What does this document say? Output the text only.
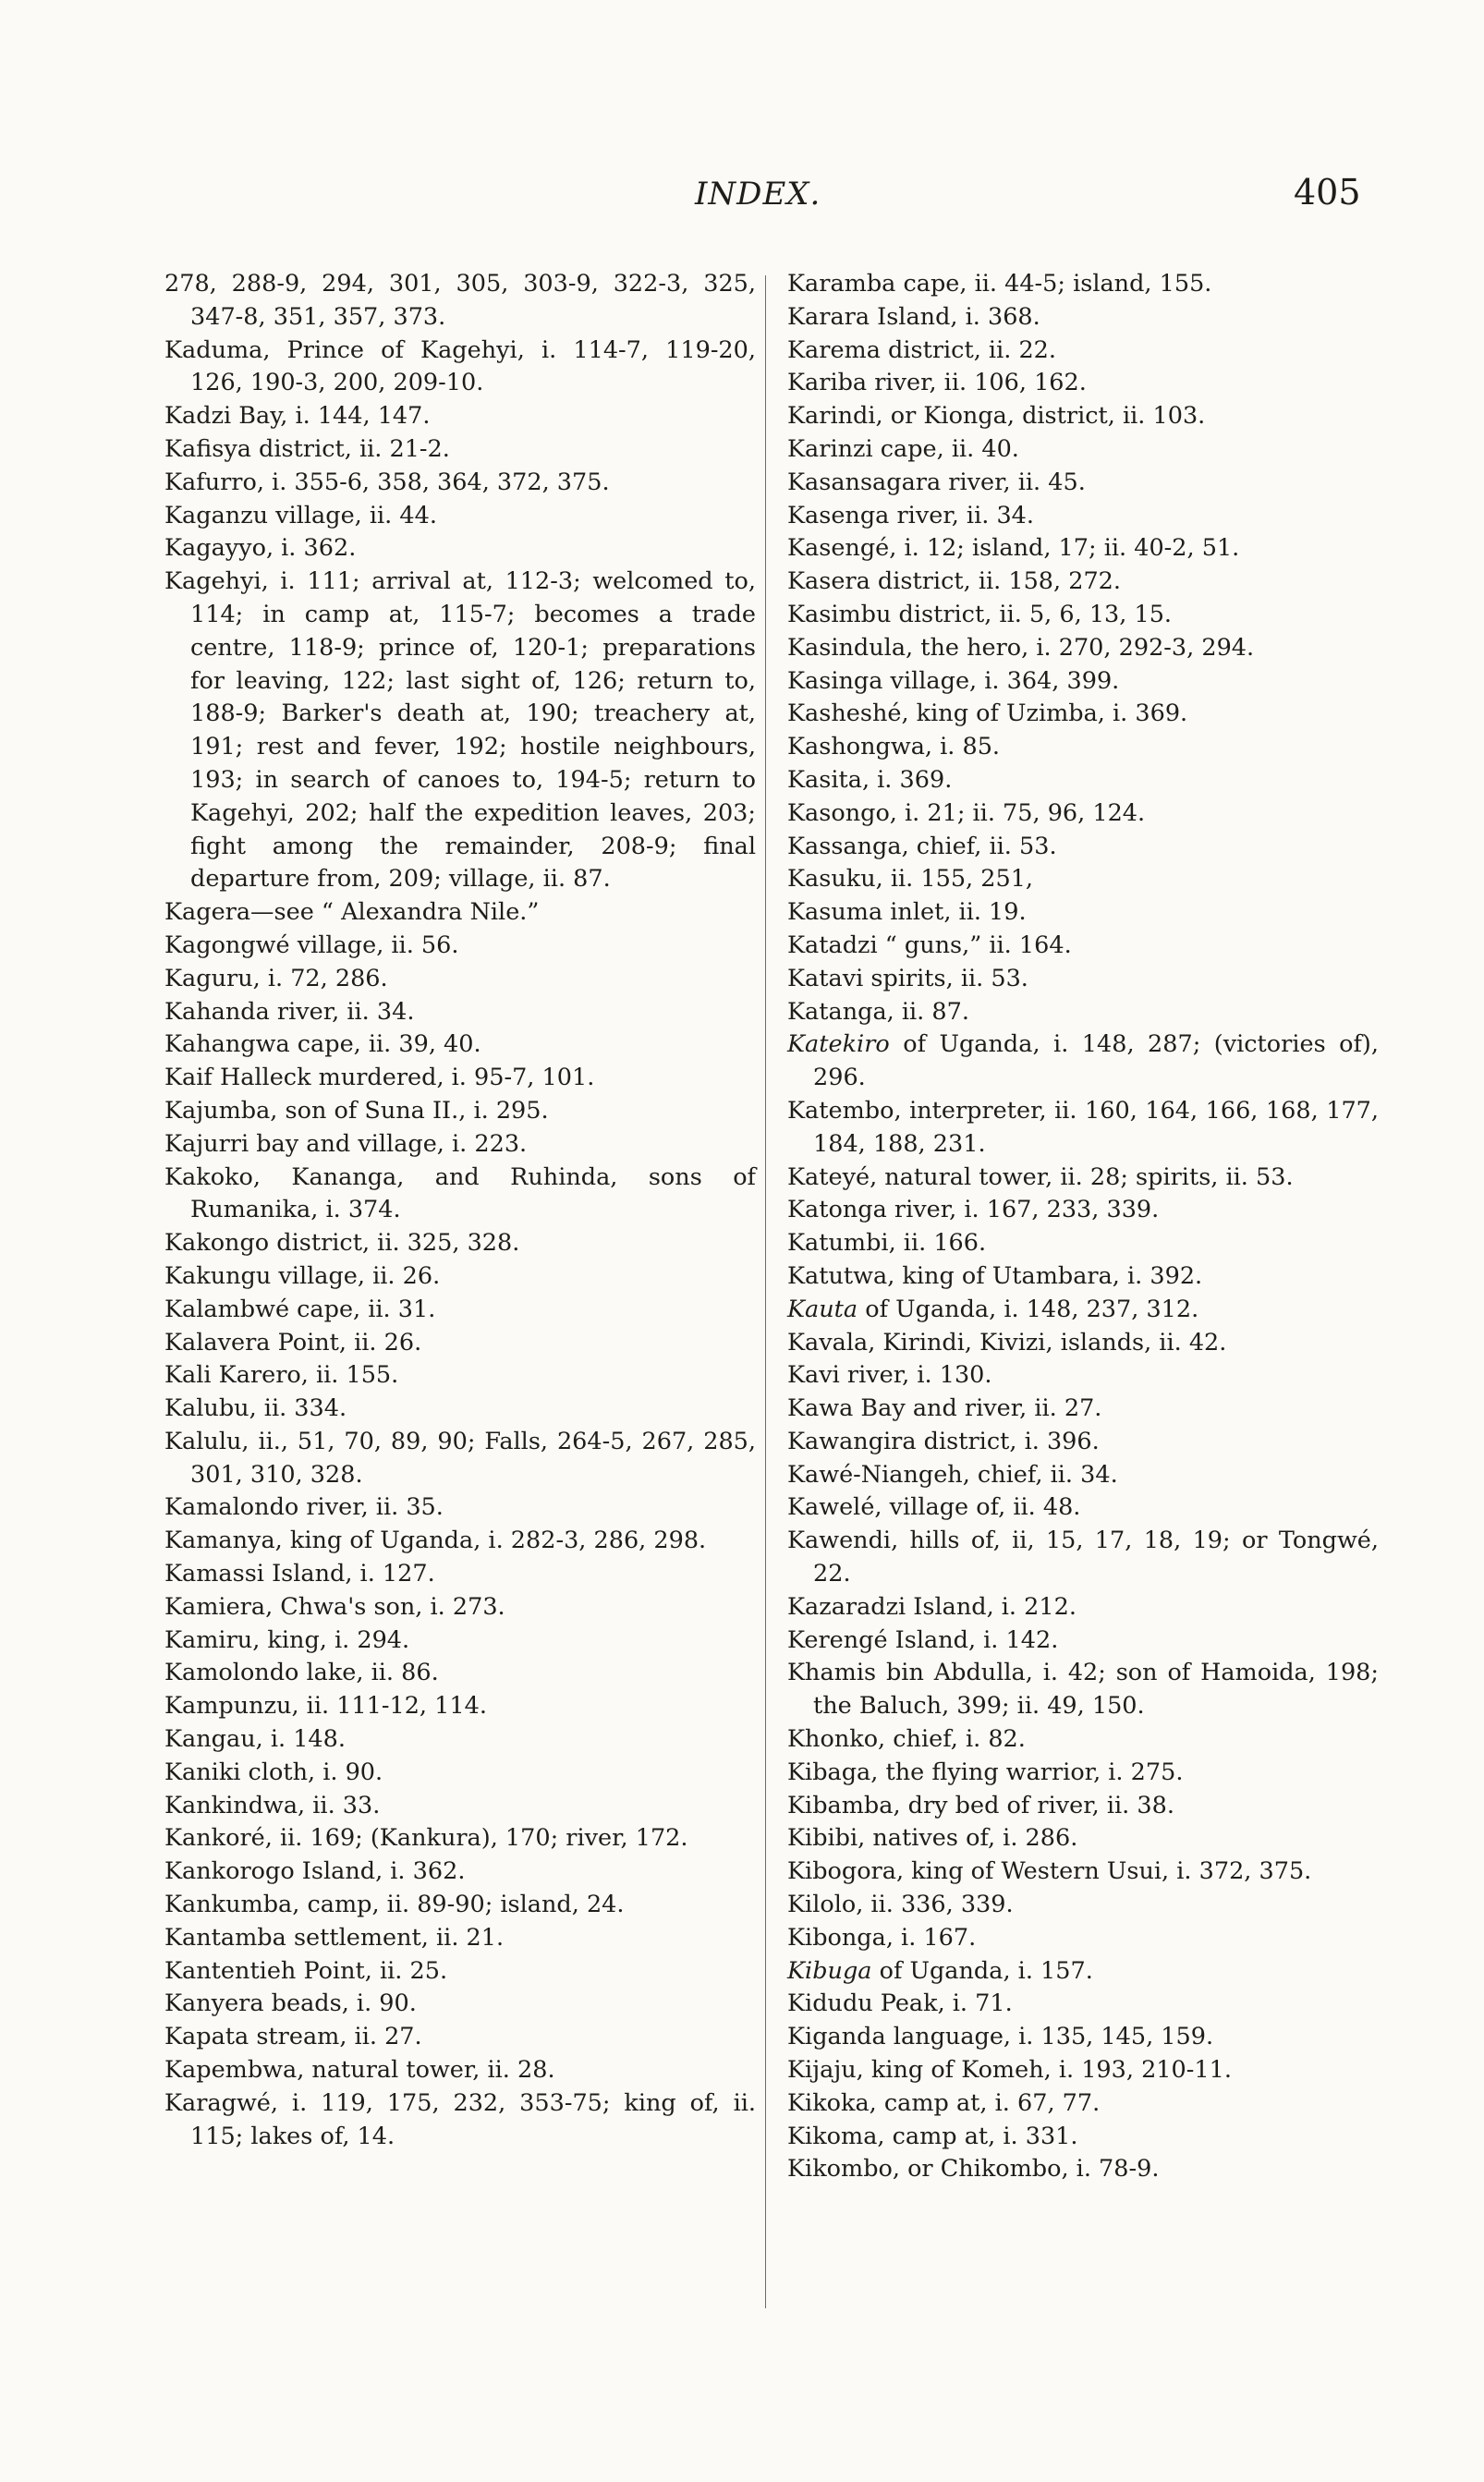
INDEX.	405
278, 288-9, 294, 301, 305, 303-9, 322-3, 325, 347-8, 351, 357, 373.
Kaduma, Prince of Kagehyi, i. 114-7, 119-20, 126, 190-3, 200, 209-10.
Kadzi Bay, i. 144, 147.
Kafisya district, ii. 21-2.
Kafurro, i. 355-6, 358, 364, 372, 375.
Kaganzu village, ii. 44.
Kagayyo, i. 362.
Kagehyi, i. 111; arrival at, 112-3; welcomed to, 114; in camp at, 115-7; becomes a trade centre, 118-9; prince of, 120-1; preparations for leaving, 122; last sight of, 126; return to, 188-9; Barker's death at, 190; treachery at, 191; rest and fever, 192; hostile neighbours, 193; in search of canoes to, 194-5; return to Kagehyi, 202; half the expedition leaves, 203; fight among the remainder, 208-9; final departure from, 209; village, ii. 87.
Kagera—see “ Alexandra Nile.”
Kagongwé village, ii. 56.
Kaguru, i. 72, 286.
Kahanda river, ii. 34.
Kahangwa cape, ii. 39, 40.
Kaif Halleck murdered, i. 95-7, 101.
Kajumba, son of Suna II., i. 295.
Kajurri bay and village, i. 223.
Kakoko, Kananga, and Ruhinda, sons of Rumanika, i. 374.
Kakongo district, ii. 325, 328.
Kakungu village, ii. 26.
Kalambwé cape, ii. 31.
Kalavera Point, ii. 26.
Kali Karero, ii. 155.
Kalubu, ii. 334.
Kalulu, ii., 51, 70, 89, 90; Falls, 264-5, 267, 285, 301, 310, 328.
Kamalondo river, ii. 35.
Kamanya, king of Uganda, i. 282-3, 286, 298.
Kamassi Island, i. 127.
Kamiera, Chwa's son, i. 273.
Kamiru, king, i. 294.
Kamolondo lake, ii. 86.
Kampunzu, ii. 111-12, 114.
Kangau, i. 148.
Kaniki cloth, i. 90.
Kankindwa, ii. 33.
Kankoré, ii. 169; (Kankura), 170; river, 172.
Kankorogo Island, i. 362.
Kankumba, camp, ii. 89-90; island, 24.
Kantamba settlement, ii. 21.
Kantentieh Point, ii. 25.
Kanyera beads, i. 90.
Kapata stream, ii. 27.
Kapembwa, natural tower, ii. 28.
Karagwé, i. 119, 175, 232, 353-75; king of, ii. 115; lakes of, 14.
Karamba cape, ii. 44-5; island, 155.
Karara Island, i. 368.
Karema district, ii. 22.
Kariba river, ii. 106, 162.
Karindi, or Kionga, district, ii. 103.
Karinzi cape, ii. 40.
Kasansagara river, ii. 45.
Kasenga river, ii. 34.
Kasengé, i. 12; island, 17; ii. 40-2, 51.
Kasera district, ii. 158, 272.
Kasimbu district, ii. 5, 6, 13, 15.
Kasindula, the hero, i. 270, 292-3, 294.
Kasinga village, i. 364, 399.
Kasheshé, king of Uzimba, i. 369.
Kashongwa, i. 85.
Kasita, i. 369.
Kasongo, i. 21; ii. 75, 96, 124.
Kassanga, chief, ii. 53.
Kasuku, ii. 155, 251,
Kasuma inlet, ii. 19.
Katadzi “ guns,” ii. 164.
Katavi spirits, ii. 53.
Katanga, ii. 87.
Katekiro of Uganda, i. 148, 287; (victories of), 296.
Katembo, interpreter, ii. 160, 164, 166, 168, 177, 184, 188, 231.
Kateyé, natural tower, ii. 28; spirits, ii. 53.
Katonga river, i. 167, 233, 339.
Katumbi, ii. 166.
Katutwa, king of Utambara, i. 392.
Kauta of Uganda, i. 148, 237, 312.
Kavala, Kirindi, Kivizi, islands, ii. 42.
Kavi river, i. 130.
Kawa Bay and river, ii. 27.
Kawangira district, i. 396.
Kawé-Niangeh, chief, ii. 34.
Kawelé, village of, ii. 48.
Kawendi, hills of, ii, 15, 17, 18, 19; or Tongwé, 22.
Kazaradzi Island, i. 212.
Kerengé Island, i. 142.
Khamis bin Abdulla, i. 42; son of Hamoida, 198; the Baluch, 399; ii. 49, 150.
Khonko, chief, i. 82.
Kibaga, the flying warrior, i. 275.
Kibamba, dry bed of river, ii. 38.
Kibibi, natives of, i. 286.
Kibogora, king of Western Usui, i. 372, 375.
Kilolo, ii. 336, 339.
Kibonga, i. 167.
Kibuga of Uganda, i. 157.
Kidudu Peak, i. 71.
Kiganda language, i. 135, 145, 159.
Kijaju, king of Komeh, i. 193, 210-11.
Kikoka, camp at, i. 67, 77.
Kikoma, camp at, i. 331.
Kikombo, or Chikombo, i. 78-9.
